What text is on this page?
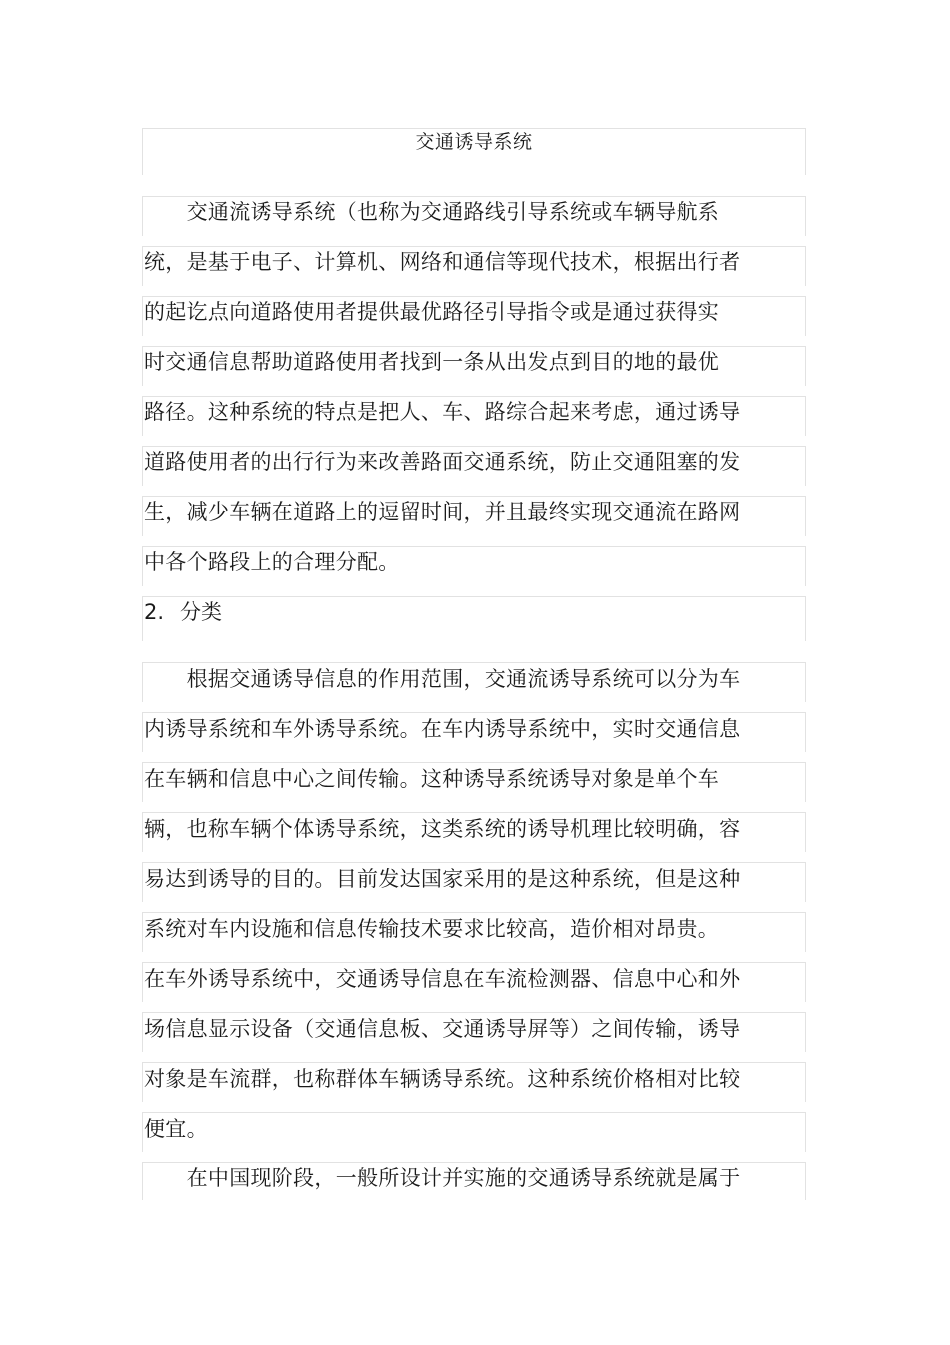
交通诱导系统
　　交通流诱导系统（也称为交通路线引导系统或车辆导航系
统，是基于电子、计算机、网络和通信等现代技术，根据出行者
的起讫点向道路使用者提供最优路径引导指令或是通过获得实
时交通信息帮助道路使用者找到一条从出发点到目的地的最优
路径。这种系统的特点是把人、车、路综合起来考虑，通过诱导
道路使用者的出行行为来改善路面交通系统，防止交通阻塞的发
生，减少车辆在道路上的逗留时间，并且最终实现交通流在路网
中各个路段上的合理分配。
2. 分类
　　根据交通诱导信息的作用范围，交通流诱导系统可以分为车
内诱导系统和车外诱导系统。在车内诱导系统中，实时交通信息
在车辆和信息中心之间传输。这种诱导系统诱导对象是单个车
辆，也称车辆个体诱导系统，这类系统的诱导机理比较明确，容
易达到诱导的目的。目前发达国家采用的是这种系统，但是这种
系统对车内设施和信息传输技术要求比较高，造价相对昂贵。
在车外诱导系统中，交通诱导信息在车流检测器、信息中心和外
场信息显示设备（交通信息板、交通诱导屏等）之间传输，诱导
对象是车流群，也称群体车辆诱导系统。这种系统价格相对比较
便宜。
　　在中国现阶段，一般所设计并实施的交通诱导系统就是属于
